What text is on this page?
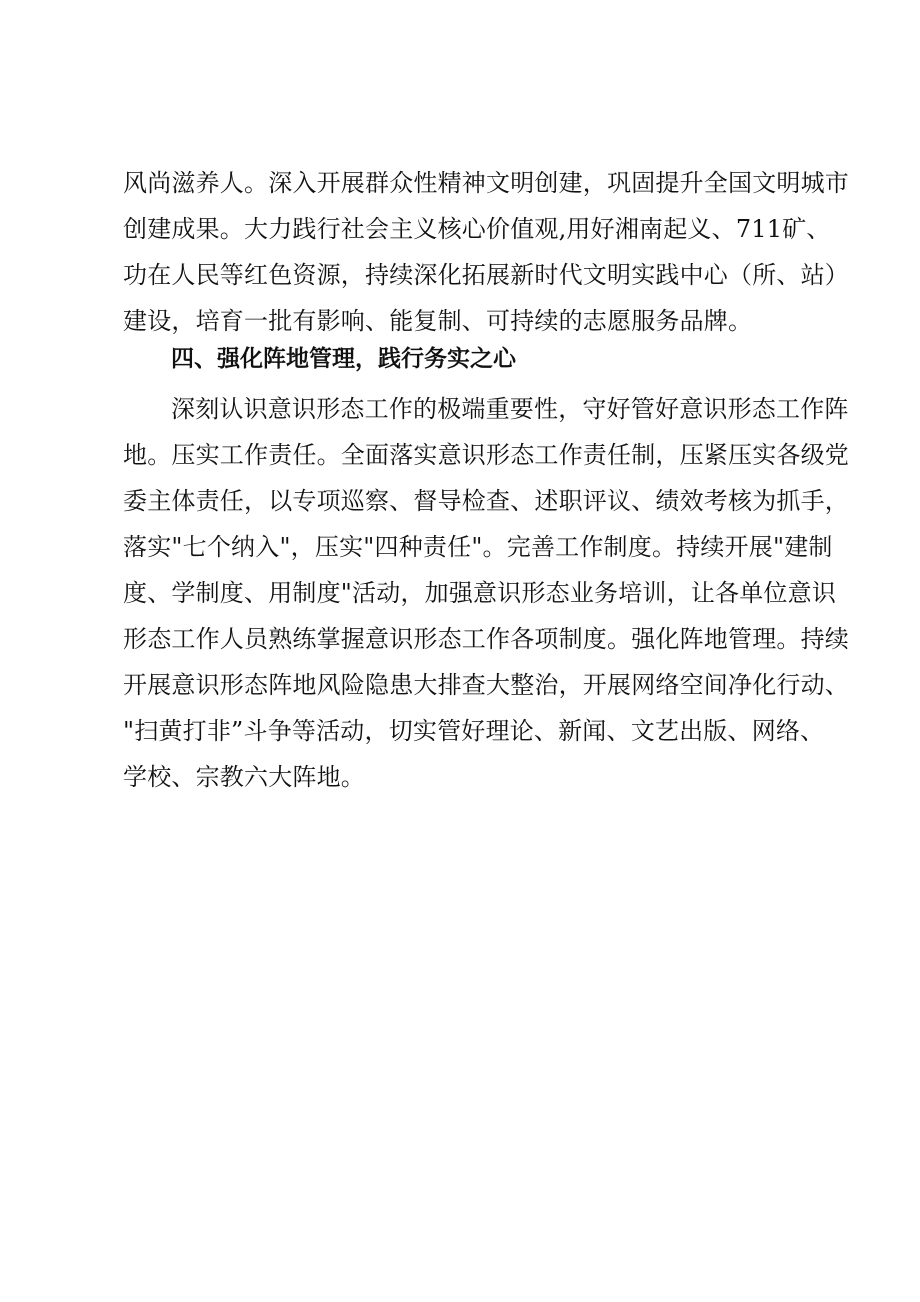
风尚滋养人。深入开展群众性精神文明创建，巩固提升全国文明城市
创建成果。大力践行社会主义核心价值观,用好湘南起义、711矿、
功在人民等红色资源，持续深化拓展新时代文明实践中心（所、站）
建设，培育一批有影响、能复制、可持续的志愿服务品牌。
四、强化阵地管理，践行务实之心
深刻认识意识形态工作的极端重要性，守好管好意识形态工作阵
地。压实工作责任。全面落实意识形态工作责任制，压紧压实各级党
委主体责任，以专项巡察、督导检查、述职评议、绩效考核为抓手，
落实"七个纳入"，压实"四种责任"。完善工作制度。持续开展"建制
度、学制度、用制度"活动，加强意识形态业务培训，让各单位意识
形态工作人员熟练掌握意识形态工作各项制度。强化阵地管理。持续
开展意识形态阵地风险隐患大排查大整治，开展网络空间净化行动、
"扫黄打非”斗争等活动，切实管好理论、新闻、文艺出版、网络、
学校、宗教六大阵地。
